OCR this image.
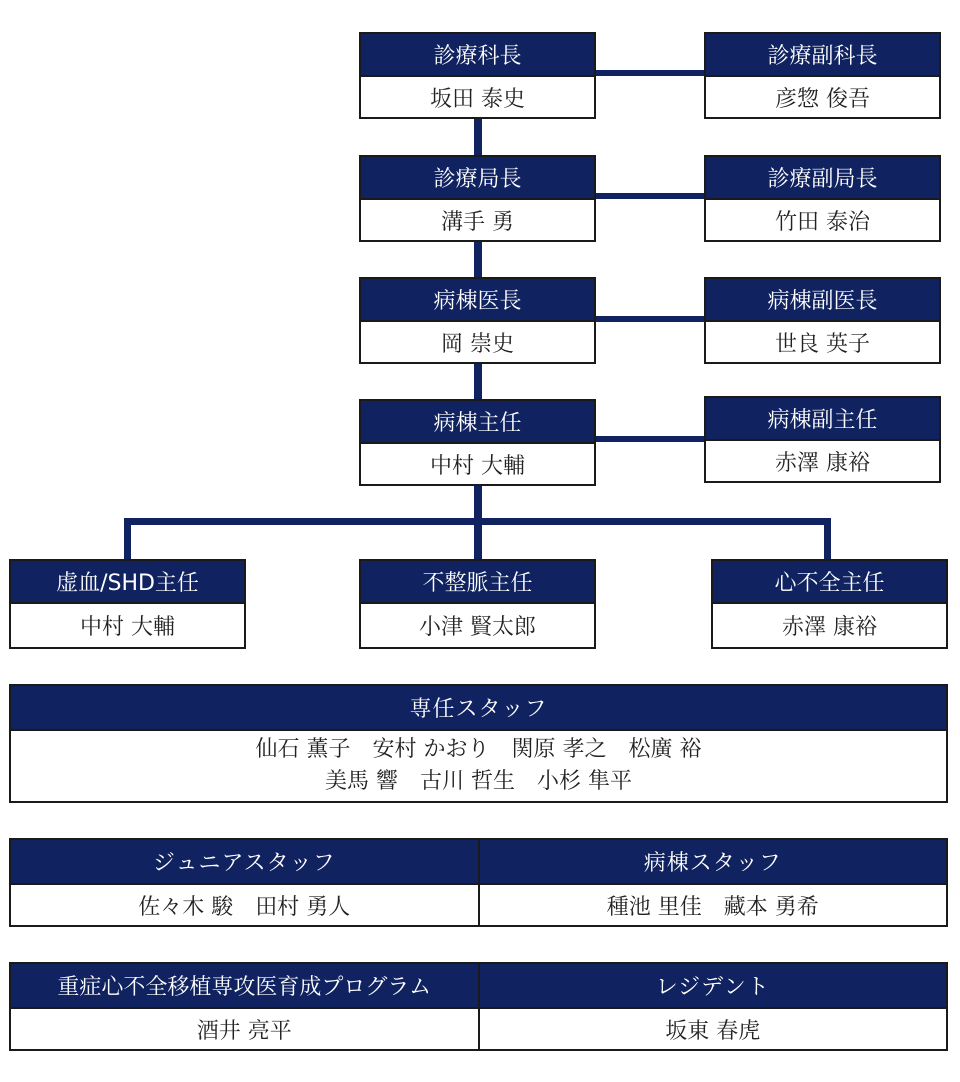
診療科長
坂田 泰史
診療副科長
彦惣 俊吾
診療局長
溝手 勇
診療副局長
竹田 泰治
病棟医長
岡 崇史
病棟副医長
世良 英子
病棟主任
中村 大輔
病棟副主任
赤澤 康裕
虚血/SHD主任
中村 大輔
不整脈主任
小津 賢太郎
心不全主任
赤澤 康裕
専任スタッフ
仙石 薫子　安村 かおり　関原 孝之　松廣 裕
美馬 響　古川 哲生　小杉 隼平
ジュニアスタッフ
佐々木 駿　田村 勇人
病棟スタッフ
種池 里佳　藏本 勇希
重症心不全移植専攻医育成プログラム
酒井 亮平
レジデント
坂東 春虎
